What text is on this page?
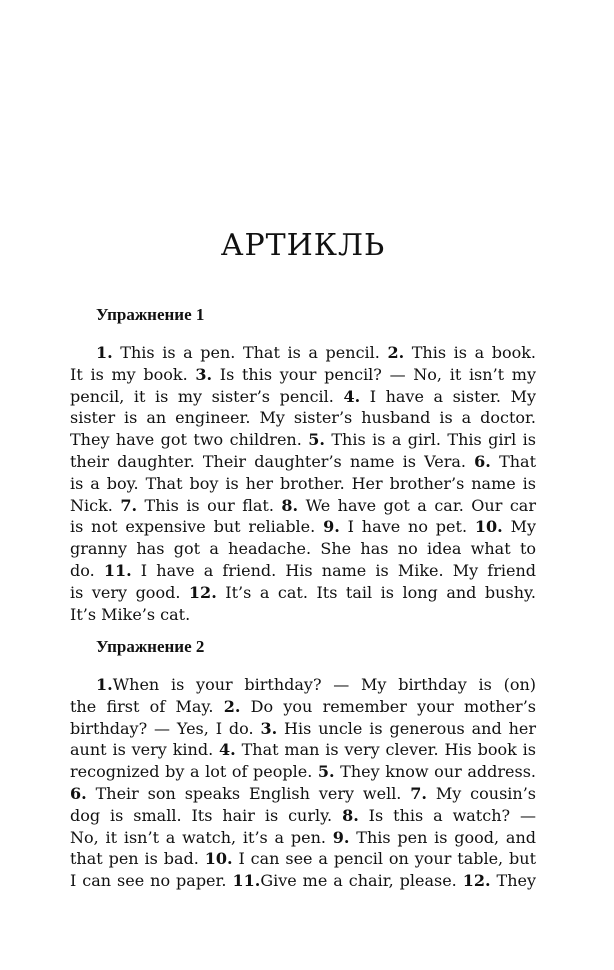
АРТИКЛЬ
Упражнение 1
1. This is a pen. That is a pencil. 2. This is a book.
It is my book. 3. Is this your pencil? — No, it isn’t my
pencil, it is my sister’s pencil. 4. I have a sister. My
sister is an engineer. My sister’s husband is a doctor.
They have got two children. 5. This is a girl. This girl is
their daughter. Their daughter’s name is Vera. 6. That
is a boy. That boy is her brother. Her brother’s name is
Nick. 7. This is our flat. 8. We have got a car. Our car
is not expensive but reliable. 9. I have no pet. 10. My
granny has got a headache. She has no idea what to
do. 11. I have a friend. His name is Mike. My friend
is very good. 12. It’s a cat. Its tail is long and bushy.
It’s Mike’s cat.
Упражнение 2
1.When is your birthday? — My birthday is (on)
the first of May. 2. Do you remember your mother’s
birthday? — Yes, I do. 3. His uncle is generous and her
aunt is very kind. 4. That man is very clever. His book is
recognized by a lot of people. 5. They know our address.
6. Their son speaks English very well. 7. My cousin’s
dog is small. Its hair is curly. 8. Is this a watch? —
No, it isn’t a watch, it’s a pen. 9. This pen is good, and
that pen is bad. 10. I can see a pencil on your table, but
I can see no paper. 11.Give me a chair, please. 12. They
